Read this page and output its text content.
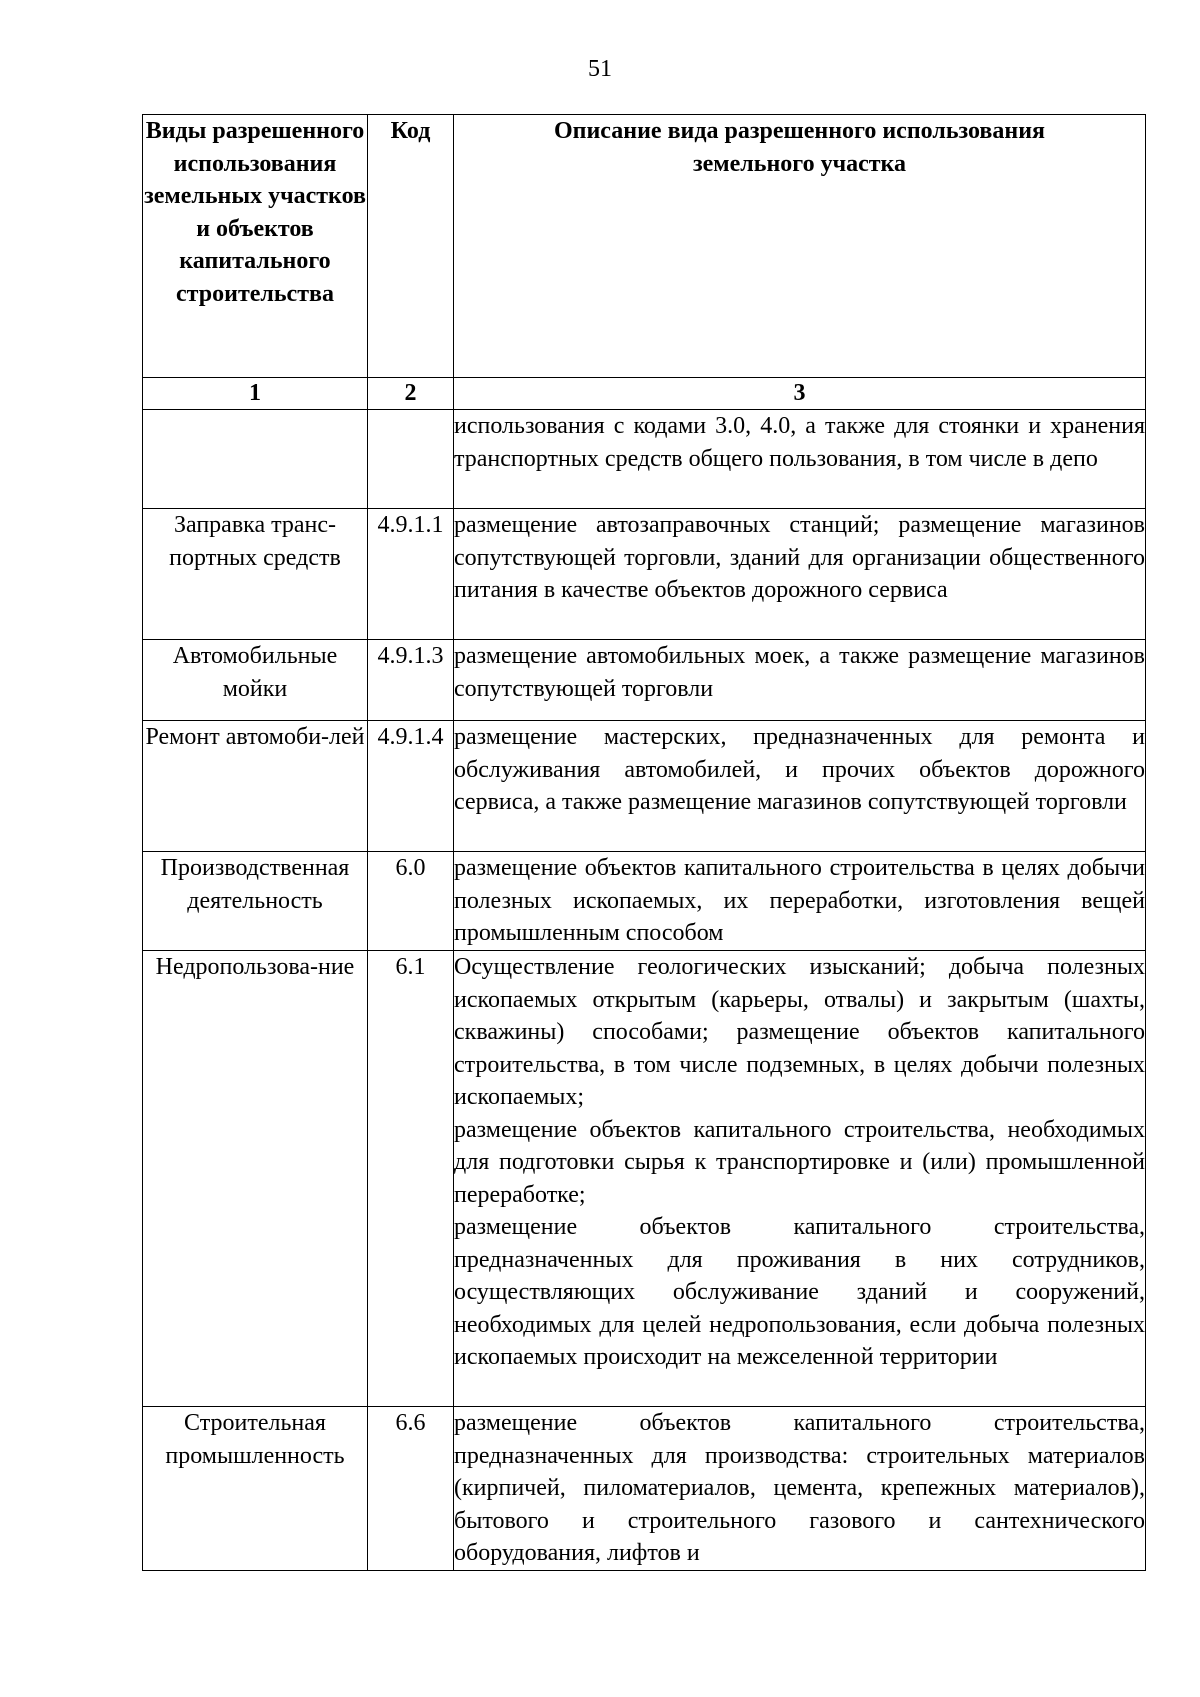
51
Виды разрешенного использования земельных участков и объектов капитального строительства	Код	Описание вида разрешенного использования земельного участка
1	2	3

		использования с кодами 3.0, 4.0, а также для стоянки и хранения транспортных средств общего пользования, в том числе в депо

Заправка транс-портных средств	4.9.1.1	размещение автозаправочных станций; размещение магазинов сопутствующей торговли, зданий для организации общественного питания в качестве объектов дорожного сервиса

Автомобильные мойки	4.9.1.3	размещение автомобильных моек, а также размещение магазинов сопутствующей торговли

Ремонт автомоби-лей	4.9.1.4	размещение мастерских, предназначенных для ремонта и обслуживания автомобилей, и прочих объектов дорожного сервиса, а также размещение магазинов сопутствующей торговли

Производственная деятельность	6.0	размещение объектов капитального строительства в целях добычи полезных ископаемых, их переработки, изготовления вещей промышленным способом

Недропользова-ние	6.1	Осуществление геологических изысканий; добыча полезных ископаемых открытым (карьеры, отвалы) и закрытым (шахты, скважины) способами; размещение объектов капитального строительства, в том числе подземных, в целях добычи полезных ископаемых;

размещение объектов капитального строительства, необходимых для подготовки сырья к транспортировке и (или) промышленной переработке;

размещение объектов капитального строительства, предназначенных для проживания в них сотрудников, осуществляющих обслуживание зданий и сооружений, необходимых для целей недропользования, если добыча полезных ископаемых происходит на межселенной территории

Строительная промышленность	6.6	размещение объектов капитального строительства, предназначенных для производства: строительных материалов (кирпичей, пиломатериалов, цемента, крепежных материалов), бытового и строительного газового и сантехнического оборудования, лифтов и
